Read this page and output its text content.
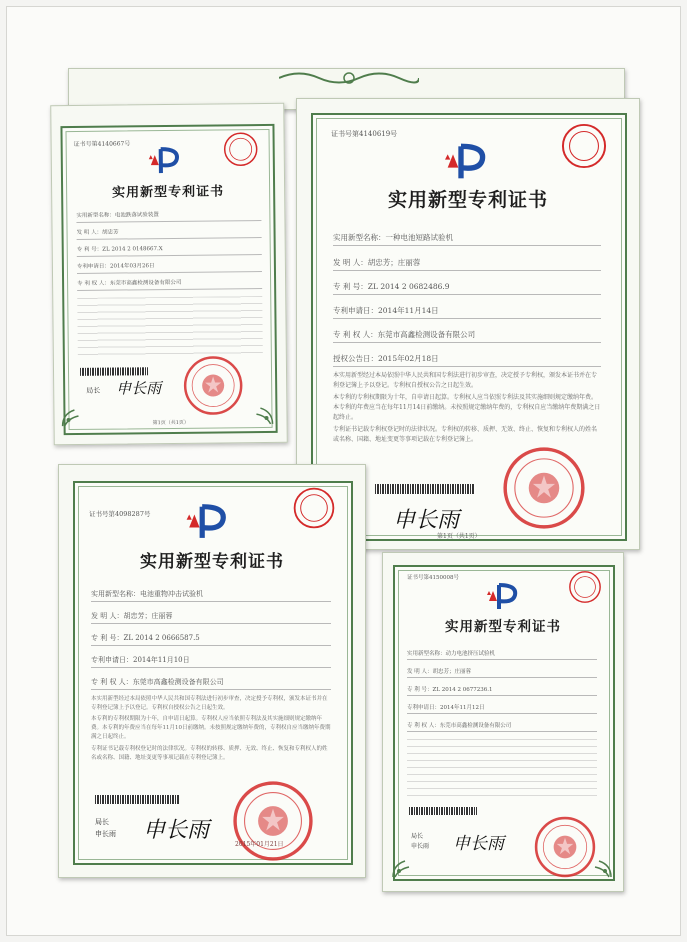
证书号第4140667号
实用新型专利证书
实用新型名称：电池跌落试验装置
发 明 人：胡忠芳
专 利 号：ZL 2014 2 0148667.X
专利申请日：2014年03月26日
专 利 权 人：东莞市高鑫检测设备有限公司
局长 申长雨
第1页（共1页）
证书号第4140619号
实用新型专利证书
实用新型名称：一种电池短路试验机
发 明 人：胡忠芳；庄丽蓉
专 利 号：ZL 2014 2 0682486.9
专利申请日：2014年11月14日
专 利 权 人：东莞市高鑫检测设备有限公司
授权公告日：2015年02月18日
本实用新型经过本局依照中华人民共和国专利法进行初步审查，决定授予专利权，颁发本证书并在专利登记簿上予以登记。专利权自授权公告之日起生效。
本专利的专利权期限为十年，自申请日起算。专利权人应当依照专利法及其实施细则规定缴纳年费。本专利的年费应当在每年11月14日前缴纳。未按照规定缴纳年费的，专利权自应当缴纳年费期满之日起终止。
专利证书记载专利权登记时的法律状况。专利权的转移、质押、无效、终止、恢复和专利权人的姓名或名称、国籍、地址变更等事项记载在专利登记簿上。
申长雨
第1页（共1页）
证书号第4098287号
实用新型专利证书
实用新型名称：电池重物冲击试验机
发 明 人：胡忠芳；庄丽蓉
专 利 号：ZL 2014 2 0666587.5
专利申请日：2014年11月10日
专 利 权 人：东莞市高鑫检测设备有限公司
本实用新型经过本局依照中华人民共和国专利法进行初步审查，决定授予专利权，颁发本证书并在专利登记簿上予以登记。专利权自授权公告之日起生效。
本专利的专利权期限为十年，自申请日起算。专利权人应当依照专利法及其实施细则规定缴纳年费。本专利的年费应当在每年11月10日前缴纳。未按照规定缴纳年费的，专利权自应当缴纳年费期满之日起终止。
专利证书记载专利权登记时的法律状况。专利权的转移、质押、无效、终止、恢复和专利权人的姓名或名称、国籍、地址变更等事项记载在专利登记簿上。
局长
申长雨 申长雨
2015年01月21日
证书号第4150008号
实用新型专利证书
实用新型名称：动力电池挤压试验机
发 明 人：胡忠芳；庄丽蓉
专 利 号：ZL 2014 2 0677236.1
专利申请日：2014年11月12日
专 利 权 人：东莞市高鑫检测设备有限公司
局长
申长雨 申长雨
